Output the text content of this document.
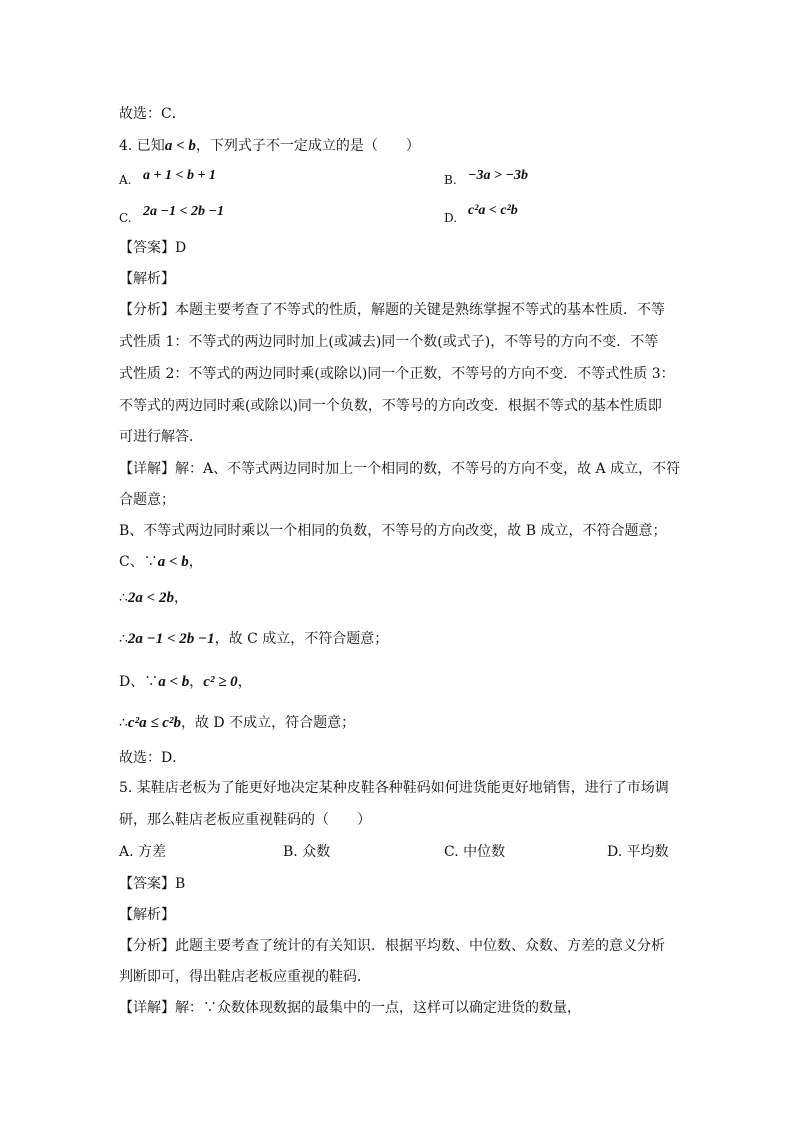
故选：C．
4. 已知a < b，下列式子不一定成立的是（　　）
A. a + 1 < b + 1	B. −3a > −3b
C. 2a −1 < 2b −1	D. c²a < c²b
【答案】D
【解析】
【分析】本题主要考查了不等式的性质，解题的关键是熟练掌握不等式的基本性质．不等
式性质 1：不等式的两边同时加上(或减去)同一个数(或式子)，不等号的方向不变．不等
式性质 2：不等式的两边同时乘(或除以)同一个正数，不等号的方向不变．不等式性质 3：
不等式的两边同时乘(或除以)同一个负数，不等号的方向改变．根据不等式的基本性质即
可进行解答．
【详解】解：A、不等式两边同时加上一个相同的数，不等号的方向不变，故 A 成立，不符
合题意；
B、不等式两边同时乘以一个相同的负数，不等号的方向改变，故 B 成立，不符合题意；
C、∵a < b，
∴2a < 2b，
∴2a −1 < 2b −1，故 C 成立，不符合题意；
D、∵a < b，c² ≥ 0，
∴c²a ≤ c²b，故 D 不成立，符合题意；
故选：D．
5. 某鞋店老板为了能更好地决定某种皮鞋各种鞋码如何进货能更好地销售，进行了市场调
研，那么鞋店老板应重视鞋码的（　　）
A. 方差	B. 众数	C. 中位数	D. 平均数
【答案】B
【解析】
【分析】此题主要考查了统计的有关知识．根据平均数、中位数、众数、方差的意义分析
判断即可，得出鞋店老板应重视的鞋码．
【详解】解：∵众数体现数据的最集中的一点，这样可以确定进货的数量，
